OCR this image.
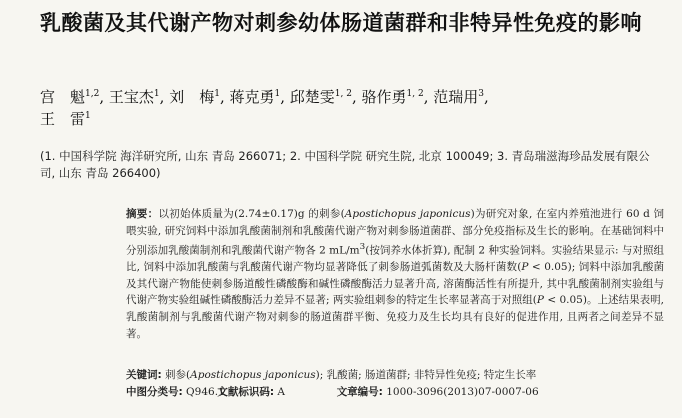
乳酸菌及其代谢产物对刺参幼体肠道菌群和非特异性免疫的影响
宫　魁$^{1,2}$, 王宝杰$^1$, 刘　梅$^1$, 蒋克勇$^1$, 邱楚雯$^{1, 2}$, 骆作勇$^{1, 2}$, 范瑞用$^3$,
王　雷$^1$
(1. 中国科学院 海洋研究所, 山东 青岛 266071; 2. 中国科学院 研究生院, 北京 100049; 3. 青岛瑞滋海珍品发展有限公司, 山东 青岛 266400)
摘要：以初始体质量为(2.74±0.17)g 的刺参(Apostichopus japonicus)为研究对象, 在室内养殖池进行 60 d 饲喂实验, 研究饲料中添加乳酸菌制剂和乳酸菌代谢产物对刺参肠道菌群、部分免疫指标及生长的影响。在基础饲料中分别添加乳酸菌制剂和乳酸菌代谢产物各 2 $mL/m^3$(按饲养水体折算), 配制 2 种实验饲料。实验结果显示: 与对照组比, 饲料中添加乳酸菌与乳酸菌代谢产物均显著降低了刺参肠道弧菌数及大肠杆菌数(P < 0.05); 饲料中添加乳酸菌及其代谢产物能使刺参肠道酸性磷酸酶和碱性磷酸酶活力显著升高, 溶菌酶活性有所提升, 其中乳酸菌制剂实验组与代谢产物实验组碱性磷酸酶活力差异不显著; 两实验组刺参的特定生长率显著高于对照组(P < 0.05)。上述结果表明, 乳酸菌制剂与乳酸菌代谢产物对刺参的肠道菌群平衡、免疫力及生长均具有良好的促进作用, 且两者之间差异不显著。
关键词: 刺参(Apostichopus japonicus); 乳酸菌; 肠道菌群; 非特异性免疫; 特定生长率
中图分类号: Q946.1 文献标识码: A	文章编号: 1000-3096(2013)07-0007-06
